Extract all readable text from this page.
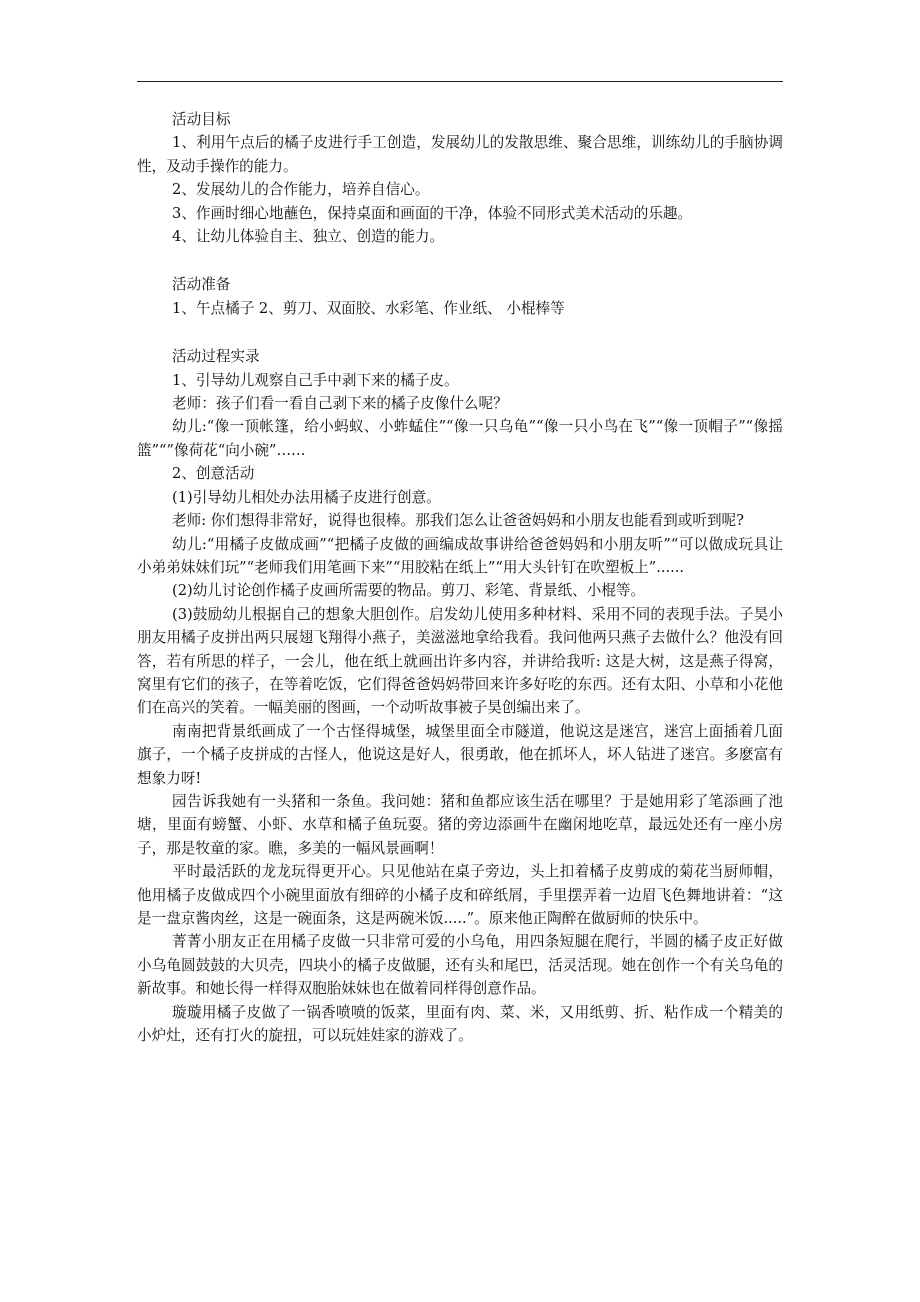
活动目标

1、利用午点后的橘子皮进行手工创造，发展幼儿的发散思维、聚合思维，训练幼儿的手脑协调性，及动手操作的能力。

2、发展幼儿的合作能力，培养自信心。

3、作画时细心地蘸色，保持桌面和画面的干净，体验不同形式美术活动的乐趣。

4、让幼儿体验自主、独立、创造的能力。

活动准备

1、午点橘子 2、剪刀、双面胶、水彩笔、作业纸、 小棍棒等

活动过程实录

1、引导幼儿观察自己手中剥下来的橘子皮。

老师：孩子们看一看自己剥下来的橘子皮像什么呢？

幼儿:“像一顶帐篷，给小蚂蚁、小蚱蜢住”“像一只乌龟”“像一只小鸟在飞”“像一顶帽子”“像摇篮”“”像荷花“向小碗”……

2、创意活动

(1)引导幼儿相处办法用橘子皮进行创意。

老师: 你们想得非常好，说得也很棒。那我们怎么让爸爸妈妈和小朋友也能看到或听到呢?

幼儿:“用橘子皮做成画”“把橘子皮做的画编成故事讲给爸爸妈妈和小朋友听”“可以做成玩具让小弟弟妹妹们玩”“老师我们用笔画下来”“用胶粘在纸上”“用大头针钉在吹塑板上”......

(2)幼儿讨论创作橘子皮画所需要的物品。剪刀、彩笔、背景纸、小棍等。

(3)鼓励幼儿根据自己的想象大胆创作。启发幼儿使用多种材料、采用不同的表现手法。子昊小朋友用橘子皮拼出两只展翅飞翔得小燕子，美滋滋地拿给我看。我问他两只燕子去做什么？他没有回答，若有所思的样子，一会儿，他在纸上就画出许多内容，并讲给我听: 这是大树，这是燕子得窝，窝里有它们的孩子，在等着吃饭，它们得爸爸妈妈带回来许多好吃的东西。还有太阳、小草和小花他们在高兴的笑着。一幅美丽的图画，一个动听故事被子昊创编出来了。

南南把背景纸画成了一个古怪得城堡，城堡里面全市隧道，他说这是迷宫，迷宫上面插着几面旗子，一个橘子皮拼成的古怪人，他说这是好人，很勇敢，他在抓坏人，坏人钻进了迷宫。多麽富有想象力呀!

园告诉我她有一头猪和一条鱼。我问她：猪和鱼都应该生活在哪里？于是她用彩了笔添画了池塘，里面有螃蟹、小虾、水草和橘子鱼玩耍。猪的旁边添画牛在幽闲地吃草，最远处还有一座小房子，那是牧童的家。瞧，多美的一幅风景画啊！

平时最活跃的龙龙玩得更开心。只见他站在桌子旁边，头上扣着橘子皮剪成的菊花当厨师帽，他用橘子皮做成四个小碗里面放有细碎的小橘子皮和碎纸屑，手里摆弄着一边眉飞色舞地讲着：“这是一盘京酱肉丝，这是一碗面条，这是两碗米饭.....”。原来他正陶醉在做厨师的快乐中。

菁菁小朋友正在用橘子皮做一只非常可爱的小乌龟，用四条短腿在爬行，半圆的橘子皮正好做小乌龟圆鼓鼓的大贝壳，四块小的橘子皮做腿，还有头和尾巴，活灵活现。她在创作一个有关乌龟的新故事。和她长得一样得双胞胎妹妹也在做着同样得创意作品。

璇璇用橘子皮做了一锅香喷喷的饭菜，里面有肉、菜、米，又用纸剪、折、粘作成一个精美的小炉灶，还有打火的旋扭，可以玩娃娃家的游戏了。
